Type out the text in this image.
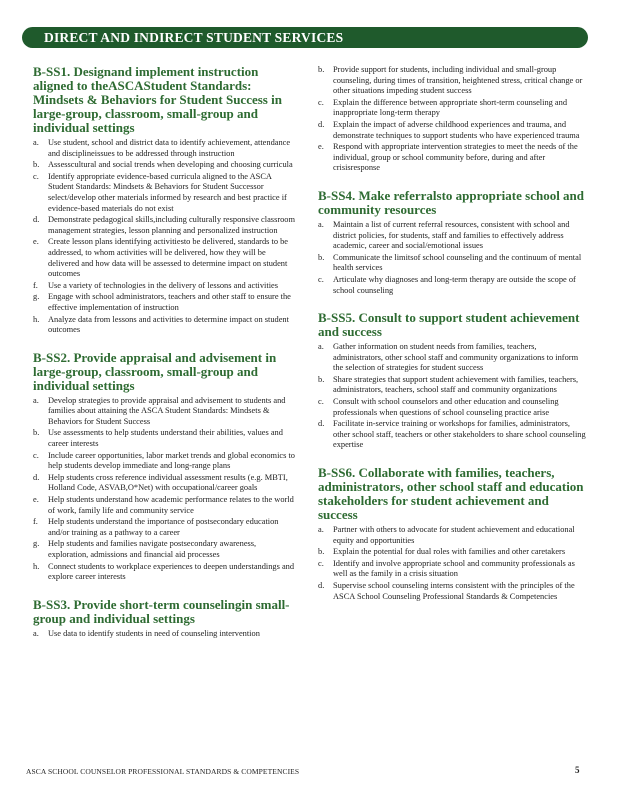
DIRECT AND INDIRECT STUDENT SERVICES
B-SS1. Designand implement instruction aligned to theASCAStudent Standards: Mindsets & Behaviors for Student Success in large-group, classroom, small-group and individual settings
a. Use student, school and district data to identify achievement, attendance and disciplineissues to be addressed through instruction
b. Assesscultural and social trends when developing and choosing curricula
c. Identify appropriate evidence-based curricula aligned to the ASCA Student Standards: Mindsets & Behaviors for Student Successor select/develop other materials informed by research and best practice if evidence-based materials do not exist
d. Demonstrate pedagogical skills,including culturally responsive classroom management strategies, lesson planning and personalized instruction
e. Create lesson plans identifying activitiesto be delivered, standards to be addressed, to whom activities will be delivered, how they will be delivered and how data will be assessed to determine impact on student outcomes
f. Use a variety of technologies in the delivery of lessons and activities
g. Engage with school administrators, teachers and other staff to ensure the effective implementation of instruction
h. Analyze data from lessons and activities to determine impact on student outcomes
B-SS2. Provide appraisal and advisement in large-group, classroom, small-group and individual settings
a. Develop strategies to provide appraisal and advisement to students and families about attaining the ASCA Student Standards: Mindsets & Behaviors for Student Success
b. Use assessments to help students understand their abilities, values and career interests
c. Include career opportunities, labor market trends and global economics to help students develop immediate and long-range plans
d. Help students cross reference individual assessment results (e.g. MBTI, Holland Code, ASVAB,O*Net) with occupational/career goals
e. Help students understand how academic performance relates to the world of work, family life and community service
f. Help students understand the importance of postsecondary education and/or training as a pathway to a career
g. Help students and families navigate postsecondary awareness, exploration, admissions and financial aid processes
h. Connect students to workplace experiences to deepen understandings and explore career interests
B-SS3. Provide short-term counselingin small-group and individual settings
a. Use data to identify students in need of counseling intervention
b. Provide support for students, including individual and small-group counseling, during times of transition, heightened stress, critical change or other situations impeding student success
c. Explain the difference between appropriate short-term counseling and inappropriate long-term therapy
d. Explain the impact of adverse childhood experiences and trauma, and demonstrate techniques to support students who have experienced trauma
e. Respond with appropriate intervention strategies to meet the needs of the individual, group or school community before, during and after crisisresponse
B-SS4. Make referralsto appropriate school and community resources
a. Maintain a list of current referral resources, consistent with school and district policies, for students, staff and families to effectively address academic, career and social/emotional issues
b. Communicate the limitsof school counseling and the continuum of mental health services
c. Articulate why diagnoses and long-term therapy are outside the scope of school counseling
B-SS5. Consult to support student achievement and success
a. Gather information on student needs from families, teachers, administrators, other school staff and community organizations to inform the selection of strategies for student success
b. Share strategies that support student achievement with families, teachers, administrators, teachers, school staff and community organizations
c. Consult with school counselors and other education and counseling professionals when questions of school counseling practice arise
d. Facilitate in-service training or workshops for families, administrators, other school staff, teachers or other stakeholders to share school counseling expertise
B-SS6. Collaborate with families, teachers, administrators, other school staff and education stakeholders for student achievement and success
a. Partner with others to advocate for student achievement and educational equity and opportunities
b. Explain the potential for dual roles with families and other caretakers
c. Identify and involve appropriate school and community professionals as well as the family in a crisis situation
d. Supervise school counseling interns consistent with the principles of the ASCA School Counseling Professional Standards & Competencies
ASCA SCHOOL COUNSELOR PROFESSIONAL STANDARDS & COMPETENCIES	5
